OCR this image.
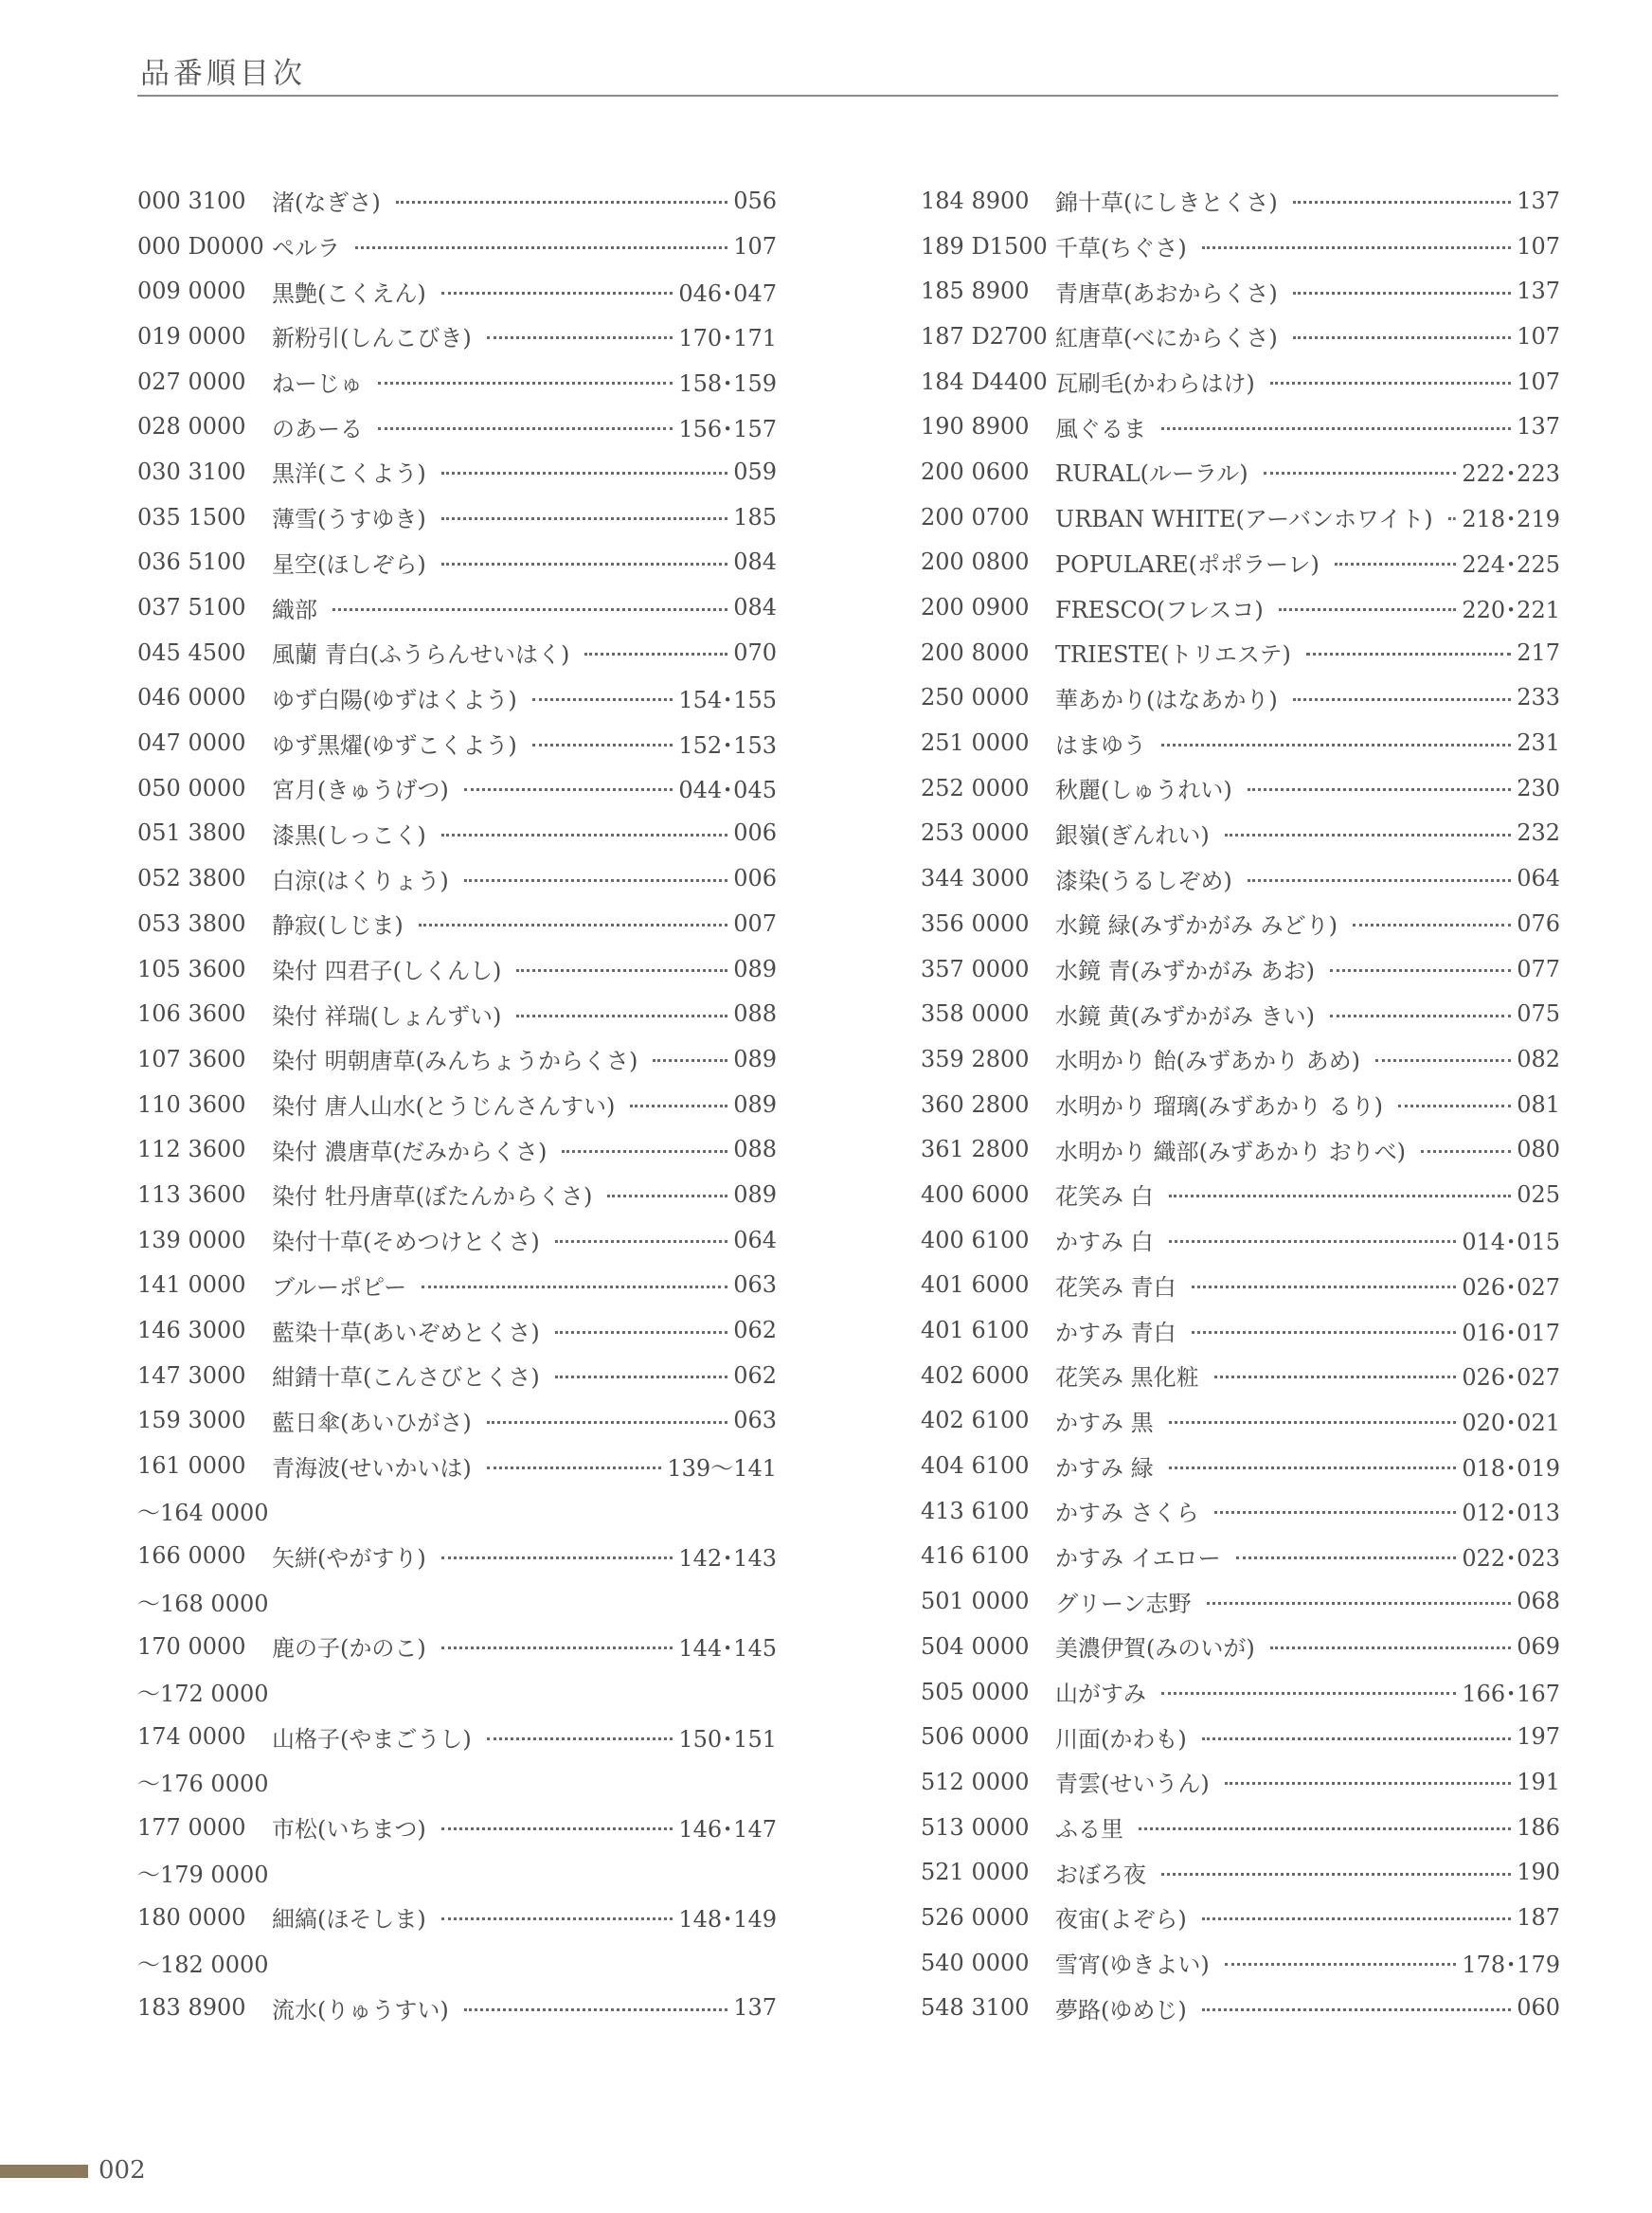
品番順目次
000 3100	渚(なぎさ)	056
000 D0000 ペルラ	107
009 0000	黒艶(こくえん)	046･047
019 0000	新粉引(しんこびき)	170･171
027 0000	ねーじゅ	158･159
028 0000	のあーる	156･157
030 3100	黒洋(こくよう)	059
035 1500	薄雪(うすゆき)	185
036 5100	星空(ほしぞら)	084
037 5100	織部	084
045 4500	風蘭 青白(ふうらんせいはく)	070
046 0000	ゆず白陽(ゆずはくよう)	154･155
047 0000	ゆず黒燿(ゆずこくよう)	152･153
050 0000	宮月(きゅうげつ)	044･045
051 3800	漆黒(しっこく)	006
052 3800	白涼(はくりょう)	006
053 3800	静寂(しじま)	007
105 3600	染付 四君子(しくんし)	089
106 3600	染付 祥瑞(しょんずい)	088
107 3600	染付 明朝唐草(みんちょうからくさ)	089
110 3600	染付 唐人山水(とうじんさんすい)	089
112 3600	染付 濃唐草(だみからくさ)	088
113 3600	染付 牡丹唐草(ぼたんからくさ)	089
139 0000	染付十草(そめつけとくさ)	064
141 0000	ブルーポピー	063
146 3000	藍染十草(あいぞめとくさ)	062
147 3000	紺錆十草(こんさびとくさ)	062
159 3000	藍日傘(あいひがさ)	063
161 0000	青海波(せいかいは)	139〜141
〜164 0000
166 0000	矢絣(やがすり)	142･143
〜168 0000
170 0000	鹿の子(かのこ)	144･145
〜172 0000
174 0000	山格子(やまごうし)	150･151
〜176 0000
177 0000	市松(いちまつ)	146･147
〜179 0000
180 0000	細縞(ほそしま)	148･149
〜182 0000
183 8900	流水(りゅうすい)	137
184 8900	錦十草(にしきとくさ)	137
189 D1500 千草(ちぐさ)	107
185 8900	青唐草(あおからくさ)	137
187 D2700 紅唐草(べにからくさ)	107
184 D4400 瓦刷毛(かわらはけ)	107
190 8900	風ぐるま	137
200 0600	RURAL(ルーラル)	222･223
200 0700	URBAN WHITE(アーバンホワイト)	218･219
200 0800	POPULARE(ポポラーレ)	224･225
200 0900	FRESCO(フレスコ)	220･221
200 8000	TRIESTE(トリエステ)	217
250 0000	華あかり(はなあかり)	233
251 0000	はまゆう	231
252 0000	秋麗(しゅうれい)	230
253 0000	銀嶺(ぎんれい)	232
344 3000	漆染(うるしぞめ)	064
356 0000	水鏡 緑(みずかがみ みどり)	076
357 0000	水鏡 青(みずかがみ あお)	077
358 0000	水鏡 黄(みずかがみ きい)	075
359 2800	水明かり 飴(みずあかり あめ)	082
360 2800	水明かり 瑠璃(みずあかり るり)	081
361 2800	水明かり 織部(みずあかり おりべ)	080
400 6000	花笑み 白	025
400 6100	かすみ 白	014･015
401 6000	花笑み 青白	026･027
401 6100	かすみ 青白	016･017
402 6000	花笑み 黒化粧	026･027
402 6100	かすみ 黒	020･021
404 6100	かすみ 緑	018･019
413 6100	かすみ さくら	012･013
416 6100	かすみ イエロー	022･023
501 0000	グリーン志野	068
504 0000	美濃伊賀(みのいが)	069
505 0000	山がすみ	166･167
506 0000	川面(かわも)	197
512 0000	青雲(せいうん)	191
513 0000	ふる里	186
521 0000	おぼろ夜	190
526 0000	夜宙(よぞら)	187
540 0000	雪宵(ゆきよい)	178･179
548 3100	夢路(ゆめじ)	060
002
